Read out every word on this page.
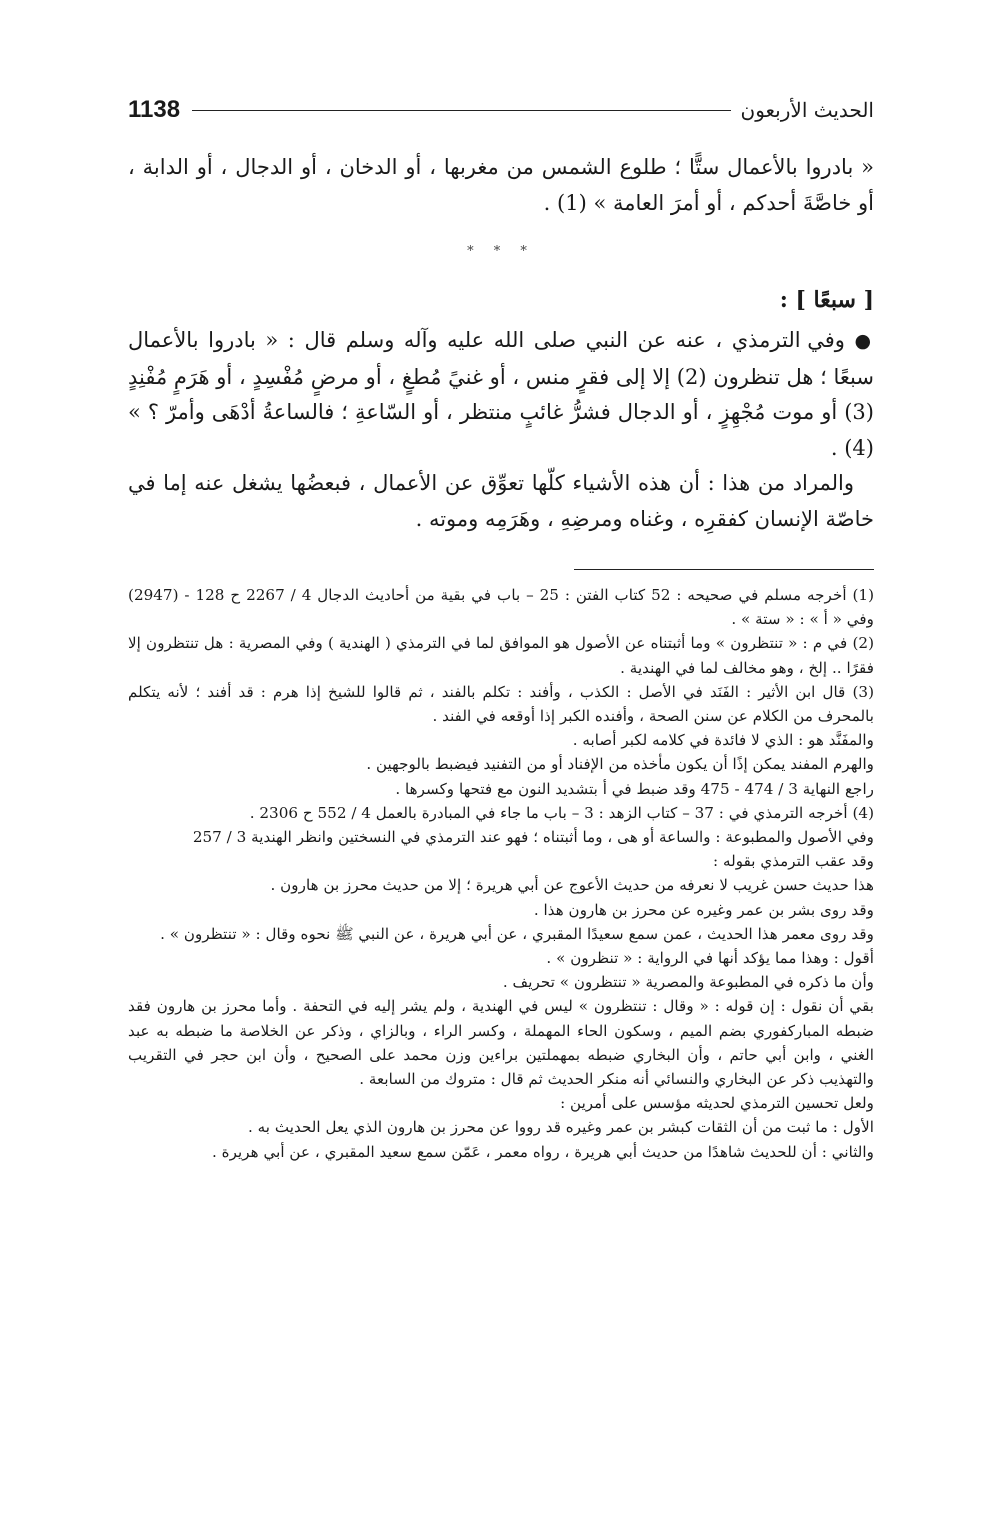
1138	الحديث الأربعون

« بادروا بالأعمال ستًّا ؛ طلوع الشمس من مغربها ، أو الدخان ، أو الدجال ، أو الدابة ، أو خاصَّةَ أحدكم ، أو أمرَ العامة » (1) .

* * *

[ سبعًا ] :

● وفي الترمذي ، عنه عن النبي صلى الله عليه وآله وسلم قال : « بادروا بالأعمال سبعًا ؛ هل تنظرون (2) إلا إلى فقرٍ منس ، أو غنيً مُطغٍ ، أو مرضٍ مُفْسِدٍ ، أو هَرَمٍ مُفْنِدٍ (3) أو موت مُجْهِزٍ ، أو الدجال فشرُّ غائبٍ منتظر ، أو السّاعةِ ؛ فالساعةُ أدْهَى وأمرّ ؟ » (4) .

والمراد من هذا : أن هذه الأشياء كلّها تعوِّق عن الأعمال ، فبعضُها يشغل عنه إما في خاصّة الإنسان كفقرِه ، وغناه ومرضِهِ ، وهَرَمِه وموته .

(1) أخرجه مسلم في صحيحه : 52 كتاب الفتن : 25 – باب في بقية من أحاديث الدجال 4 / 2267 ح 128 - (2947) وفي « أ » : « ستة » .

(2) في م : « تنتظرون » وما أثبتناه عن الأصول هو الموافق لما في الترمذي ( الهندية ) وفي المصرية : هل تنتظرون إلا فقرًا .. إلخ ، وهو مخالف لما في الهندية .

(3) قال ابن الأثير : الفَنَد في الأصل : الكذب ، وأفند : تكلم بالفند ، ثم قالوا للشيخ إذا هرم : قد أفند ؛ لأنه يتكلم بالمحرف من الكلام عن سنن الصحة ، وأفنده الكبر إذا أوقعه في الفند .

والمفَنَّد هو : الذي لا فائدة في كلامه لكبر أصابه .

والهرم المفند يمكن إذًا أن يكون مأخذه من الإفناد أو من التفنيد فيضبط بالوجهين .

راجع النهاية 3 / 474 - 475 وقد ضبط في أ بتشديد النون مع فتحها وكسرها .

(4) أخرجه الترمذي في : 37 – كتاب الزهد : 3 – باب ما جاء في المبادرة بالعمل 4 / 552 ح 2306 .

وفي الأصول والمطبوعة : والساعة أو هى ، وما أثبتناه ؛ فهو عند الترمذي في النسختين وانظر الهندية 3 / 257

وقد عقب الترمذي بقوله :

هذا حديث حسن غريب لا نعرفه من حديث الأعوج عن أبي هريرة ؛ إلا من حديث محرز بن هارون .

وقد روى بشر بن عمر وغيره عن محرز بن هارون هذا .

وقد روى معمر هذا الحديث ، عمن سمع سعيدًا المقبري ، عن أبي هريرة ، عن النبي ﷺ نحوه وقال : « تنتظرون » .

أقول : وهذا مما يؤكد أنها في الرواية : « تنظرون » .

وأن ما ذكره في المطبوعة والمصرية « تنتظرون » تحريف .

بقي أن نقول : إن قوله : « وقال : تنتظرون » ليس في الهندية ، ولم يشر إليه في التحفة . وأما محرز بن هارون فقد ضبطه المباركفوري بضم الميم ، وسكون الحاء المهملة ، وكسر الراء ، وبالزاي ، وذكر عن الخلاصة ما ضبطه به عبد الغني ، وابن أبي حاتم ، وأن البخاري ضبطه بمهملتين براءين وزن محمد على الصحيح ، وأن ابن حجر في التقريب والتهذيب ذكر عن البخاري والنسائي أنه منكر الحديث ثم قال : متروك من السابعة .

ولعل تحسين الترمذي لحديثه مؤسس على أمرين :

الأول : ما ثبت من أن الثقات كبشر بن عمر وغيره قد رووا عن محرز بن هارون الذي يعل الحديث به .

والثاني : أن للحديث شاهدًا من حديث أبي هريرة ، رواه معمر ، عَمّن سمع سعيد المقبري ، عن أبي هريرة .
